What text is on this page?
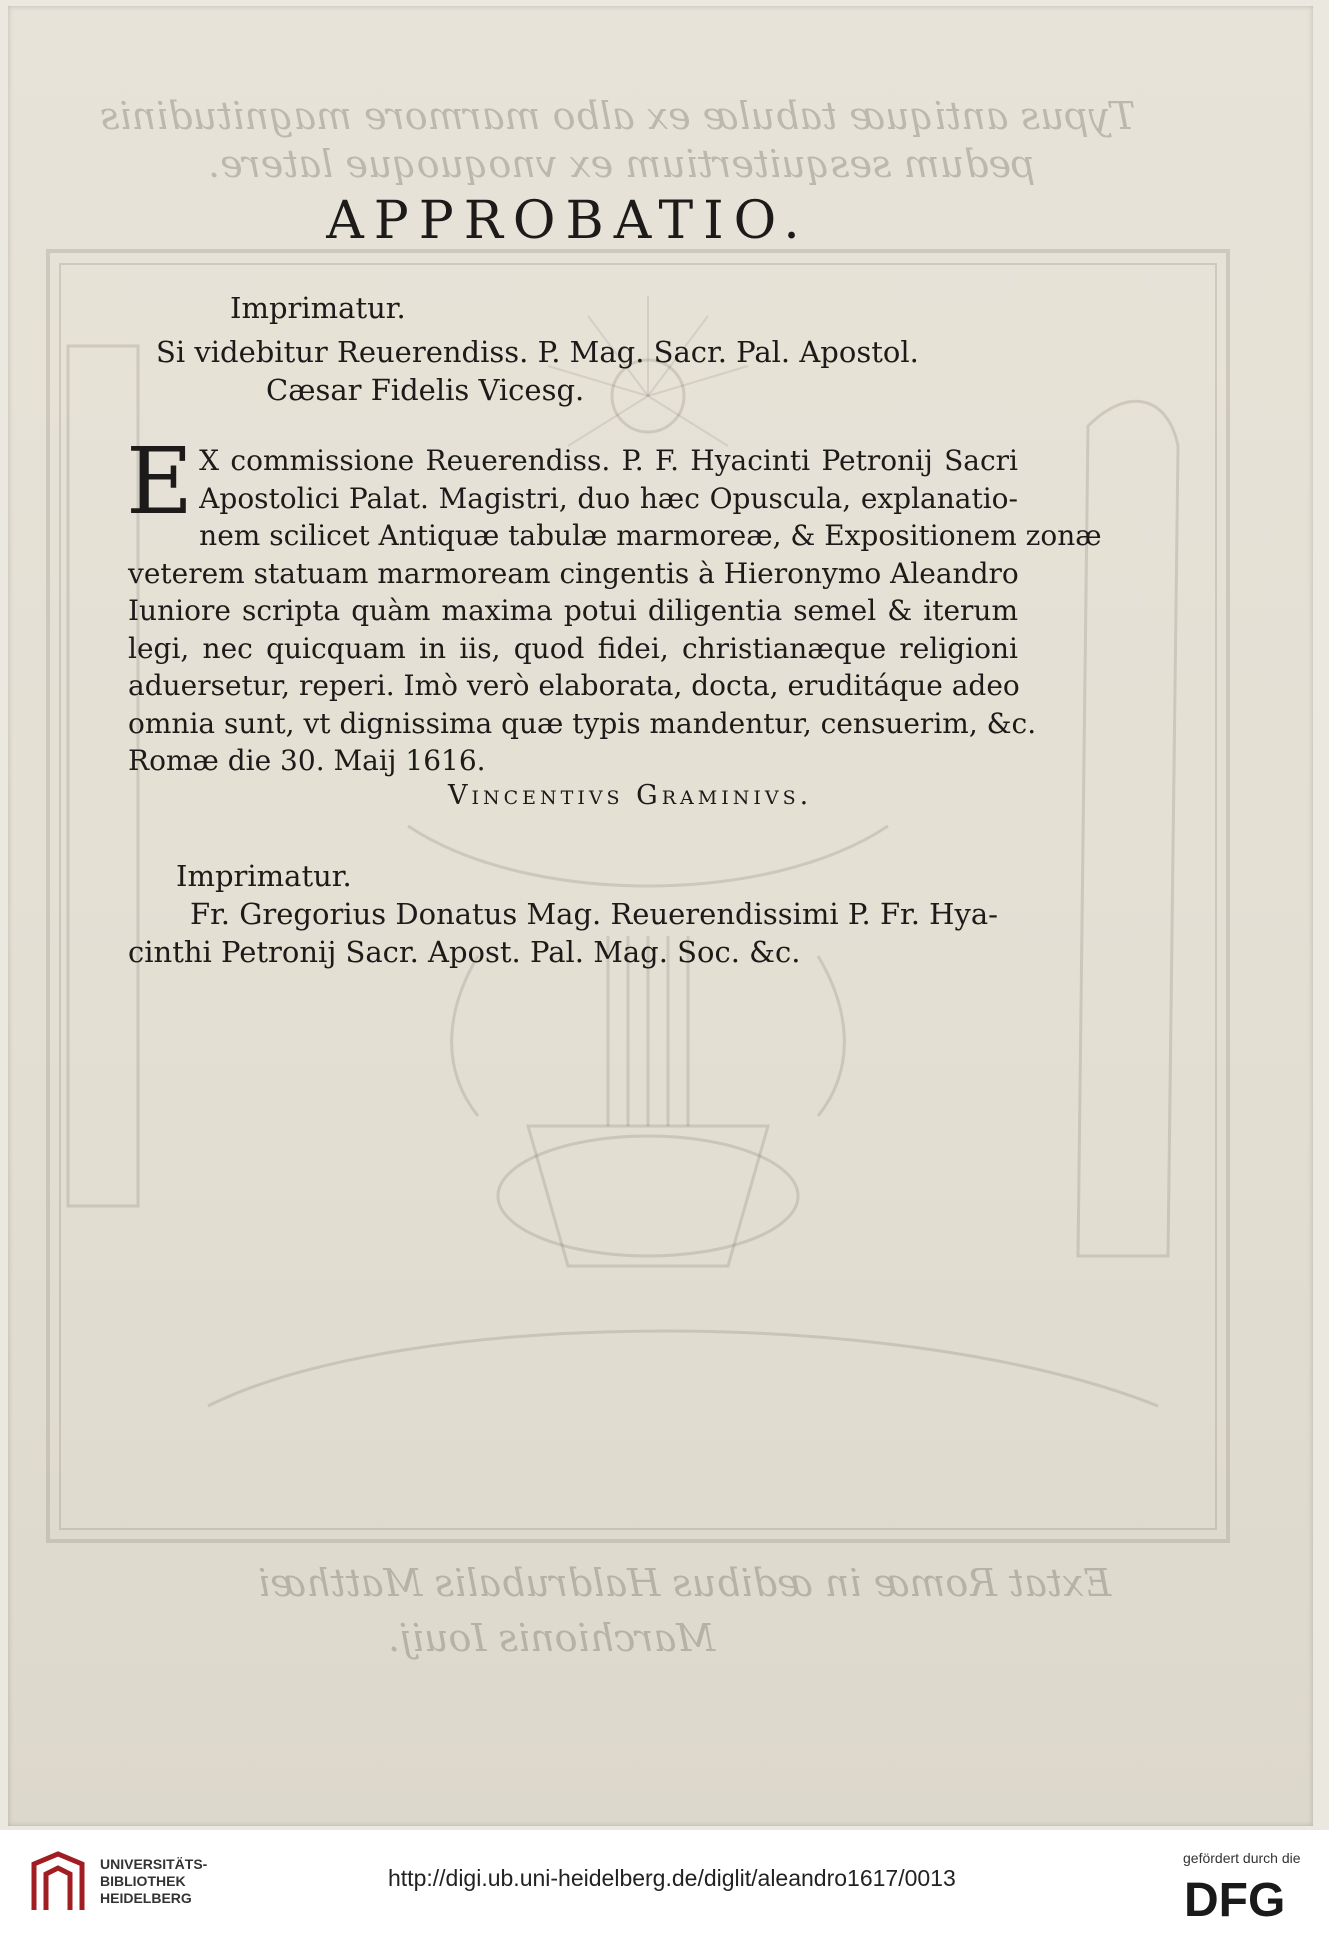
Typus antiquæ tabulæ ex albo marmore magnitudinis
pedum sesquitertium ex vnoquoque latere.
Extat Romæ in ædibus Haldrubalis Matthæi
Marchionis Iouij.
APPROBATIO.
Imprimatur.
Si videbitur Reuerendiss. P. Mag. Sacr. Pal. Apostol.
Cæsar Fidelis Vicesg.
E X commissione Reuerendiss. P. F. Hyacinti Petronij Sacri
Apostolici Palat. Magistri, duo hæc Opuscula, explanatio-
nem scilicet Antiquæ tabulæ marmoreæ, & Expositionem zonæ
veterem statuam marmoream cingentis à Hieronymo Aleandro
Iuniore scripta quàm maxima potui diligentia semel & iterum
legi, nec quicquam in iis, quod fidei, christianæque religioni
aduersetur, reperi. Imò verò elaborata, docta, eruditáque adeo
omnia sunt, vt dignissima quæ typis mandentur, censuerim, &c.
Romæ die 30. Maij 1616.
Vincentivs Graminivs.
Imprimatur.
Fr. Gregorius Donatus Mag. Reuerendissimi P. Fr. Hya-
cinthi Petronij Sacr. Apost. Pal. Mag. Soc. &c.
UNIVERSITÄTS-
BIBLIOTHEK
HEIDELBERG
http://digi.ub.uni-heidelberg.de/diglit/aleandro1617/0013
gefördert durch die
DFG
